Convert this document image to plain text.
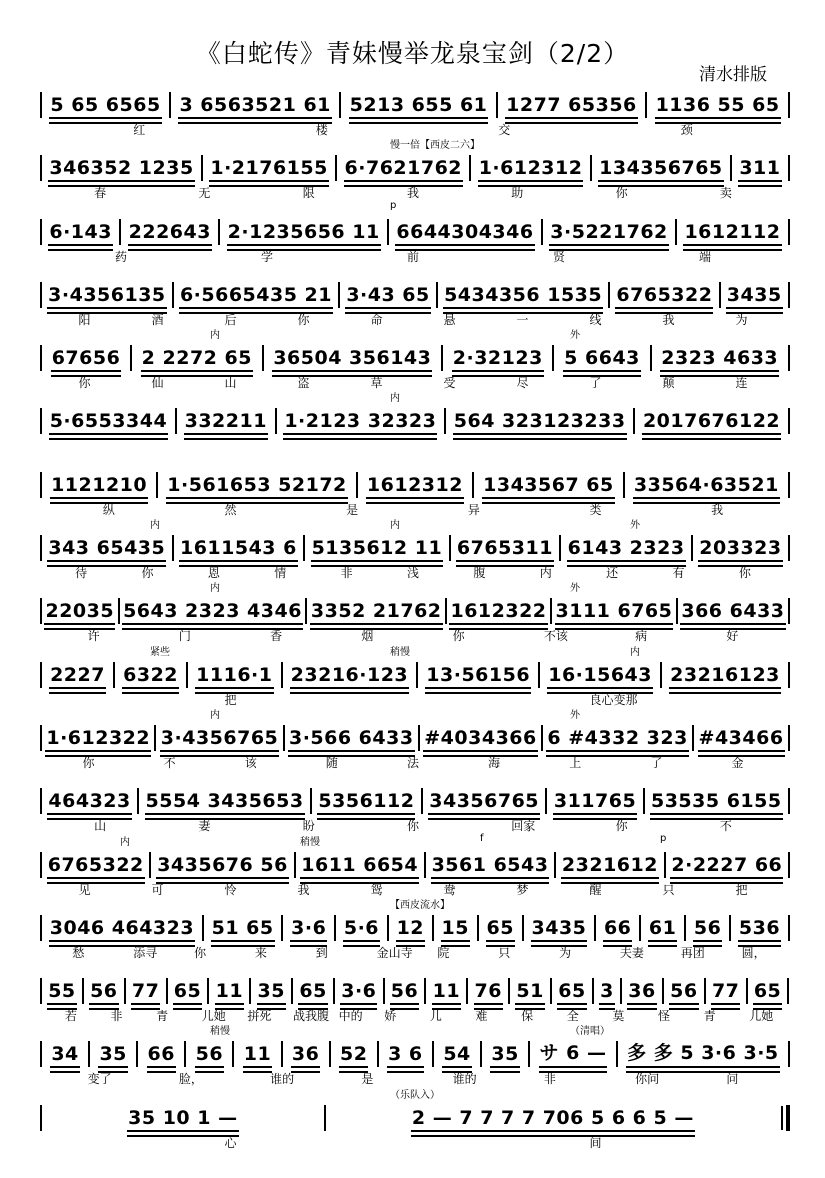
《白蛇传》青妹慢举龙泉宝剑（2/2）
清水排版
5 65 6565 3 6563521 61 5213 655 61 1277 65356 1136 55 65
红	楼	交	颈
慢一倍【西皮二六】
346352 1235 1·2176155 6·7621762 1·612312 134356765 311
春	无	限	我	助	你	卖
p
6·143 222643 2·1235656 11 6644304346 3·5221762 1612112
药	学	前	贤	端
3·4356135 6·5665435 21 3·43 65 5434356 1535 6765322 3435
阳	酒	后	你	命	悬	一	线	我	为
内	外
67656 2 2272 65 36504 356143 2·32123 5 6643 2323 4633
你	仙	山	盗	草	受	尽	了	颠	连
内
5·6553344 332211 1·2123 32323 564 323123233 2017676122
1121210 1·561653 52172 1612312 1343567 65 33564·63521
纵	然	是	异	类	我
内	内	外
343 65435 1611543 6 5135612 11 6765311 6143 2323 203323
待	你	恩	情	非	浅	腹	内	还	有	你
内	外
22035 5643 2323 4346 3352 21762 1612322 3111 6765 366 6433
许	门	香	烟	你	不该	病	好
紧些	稍慢	内
2227 6322 1116·1 23216·123 13·56156 16·15643 23216123
把	良心变那
内	外
1·612322 3·4356765 3·566 6433 #4034366 6 #4332 323 #43466
你	不	该	随	法	海	上	了	金
464323 5554 3435653 5356112 34356765 311765 53535 6155
山	妻	盼	你	回家	你	不
内	稍慢	f	p
6765322 3435676 56 1611 6654 3561 6543 2321612 2·2227 66
见	可	怜	我	鸳	鸯	梦	醒	只	把
【西皮流水】
3046 464323 51 65 3·6 5·6 12 15 65 3435 66 61 56 536
愁	添寻	你	来	到	金山寺 院	只	为	夫妻	再团	圆，
55 56 77 65 11 35 65 3·6 56 11 76 51 65 3 36 56 77 65
若	非	青	儿她 拼死 战我腹 中的 娇	儿	难	保	全	莫	怪	青	儿她
稍慢	（清唱）
34 35 66 56 11 36 52 3 6 54 35 サ 6 — 多 多 5 3·6 3·5
变了	脸，	谁的	是	谁的	非	你问	问
（乐队入）
35 10 1 —	2 — 7 7 7 7 706 5 6 6 5 —
心	间
